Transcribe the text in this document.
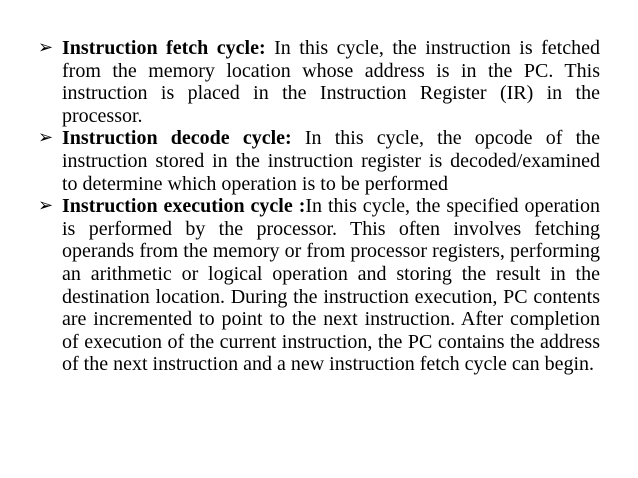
➢ Instruction fetch cycle: In this cycle, the instruction is fetched from the memory location whose address is in the PC. This instruction is placed in the Instruction Register (IR) in the processor.
➢ Instruction decode cycle: In this cycle, the opcode of the instruction stored in the instruction register is decoded/examined to determine which operation is to be performed
➢ Instruction execution cycle :In this cycle, the specified operation is performed by the processor. This often involves fetching operands from the memory or from processor registers, performing an arithmetic or logical operation and storing the result in the destination location. During the instruction execution, PC contents are incremented to point to the next instruction. After completion of execution of the current instruction, the PC contains the address of the next instruction and a new instruction fetch cycle can begin.
